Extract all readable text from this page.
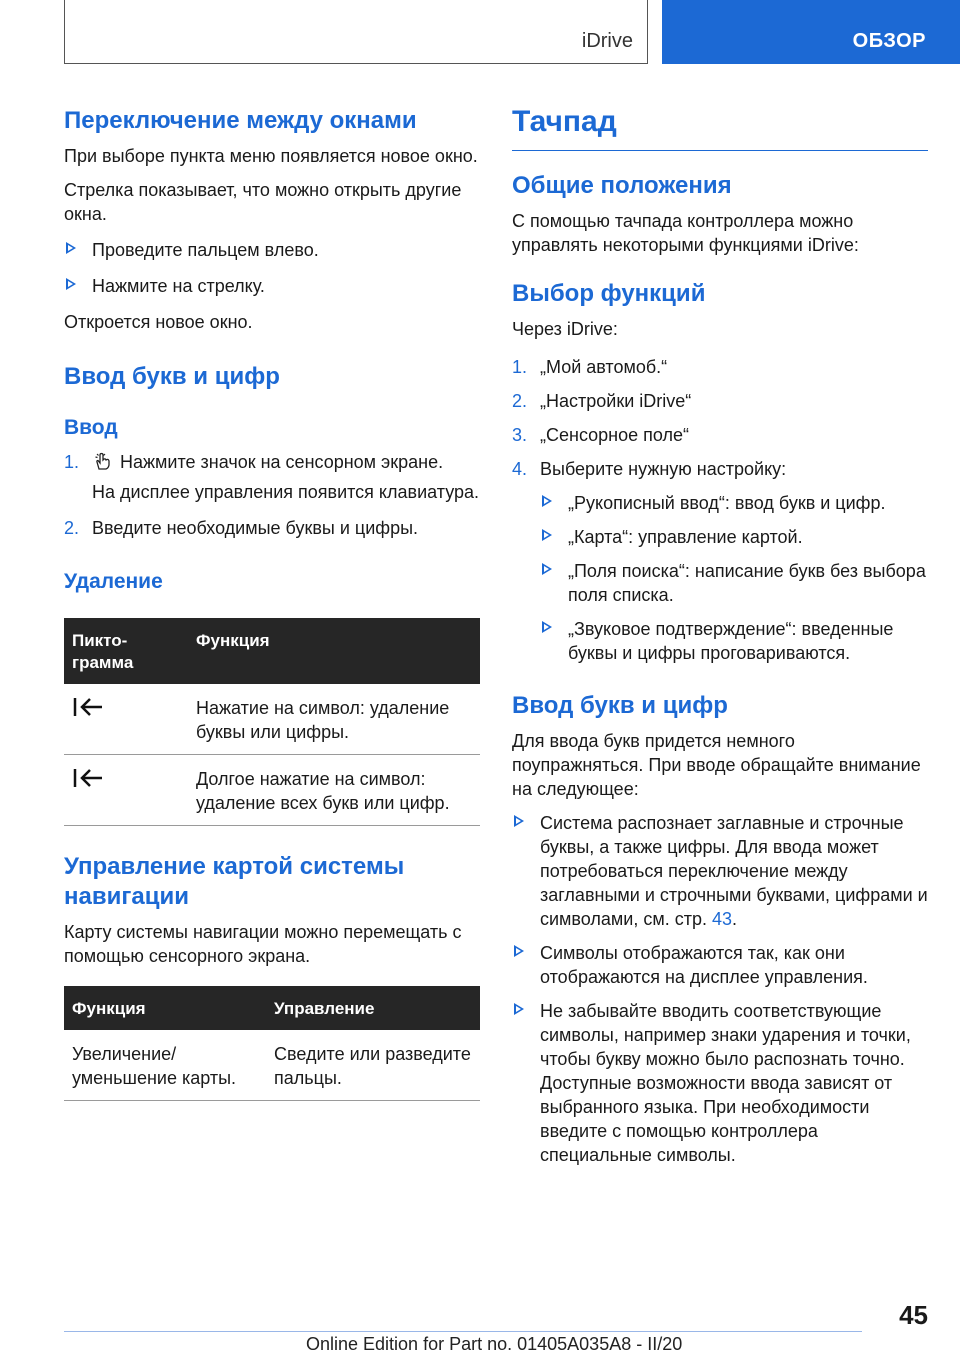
iDrive	ОБЗОР
Переключение между окнами

При выборе пункта меню появляется новое окно.

Стрелка показывает, что можно открыть другие окна.

Проведите пальцем влево.
Нажмите на стрелку.

Откроется новое окно.

Ввод букв и цифр
Ввод
1. Нажмите значок на сенсорном экране.
На дисплее управления появится клавиатура.
2. Введите необходимые буквы и цифры.
Удаление
Пикто-грамма	Функция
	Нажатие на символ: удаление буквы или цифры.
	Долгое нажатие на символ: удаление всех букв или цифр.
Управление картой системы навигации

Карту системы навигации можно перемещать с помощью сенсорного экрана.

Функция	Управление
Увеличение/уменьшение карты.	Сведите или разведите пальцы.
Тачпад
Общие положения

С помощью тачпада контроллера можно управлять некоторыми функциями iDrive:

Выбор функций

Через iDrive:

1. „Мой автомоб.“
2. „Настройки iDrive“
3. „Сенсорное поле“
4. Выберите нужную настройку:
„Рукописный ввод“: ввод букв и цифр.
„Карта“: управление картой.
„Поля поиска“: написание букв без выбора поля списка.
„Звуковое подтверждение“: введенные буквы и цифры проговариваются.
Ввод букв и цифр

Для ввода букв придется немного поупражняться. При вводе обращайте внимание на следующее:

Система распознает заглавные и строчные буквы, а также цифры. Для ввода может потребоваться переключение между заглавными и строчными буквами, цифрами и символами, см. стр. 43.
Символы отображаются так, как они отображаются на дисплее управления.
Не забывайте вводить соответствующие символы, например знаки ударения и точки, чтобы букву можно было распознать точно. Доступные возможности ввода зависят от выбранного языка. При необходимости введите с помощью контроллера специальные символы.
45
Online Edition for Part no. 01405A035A8 - II/20
